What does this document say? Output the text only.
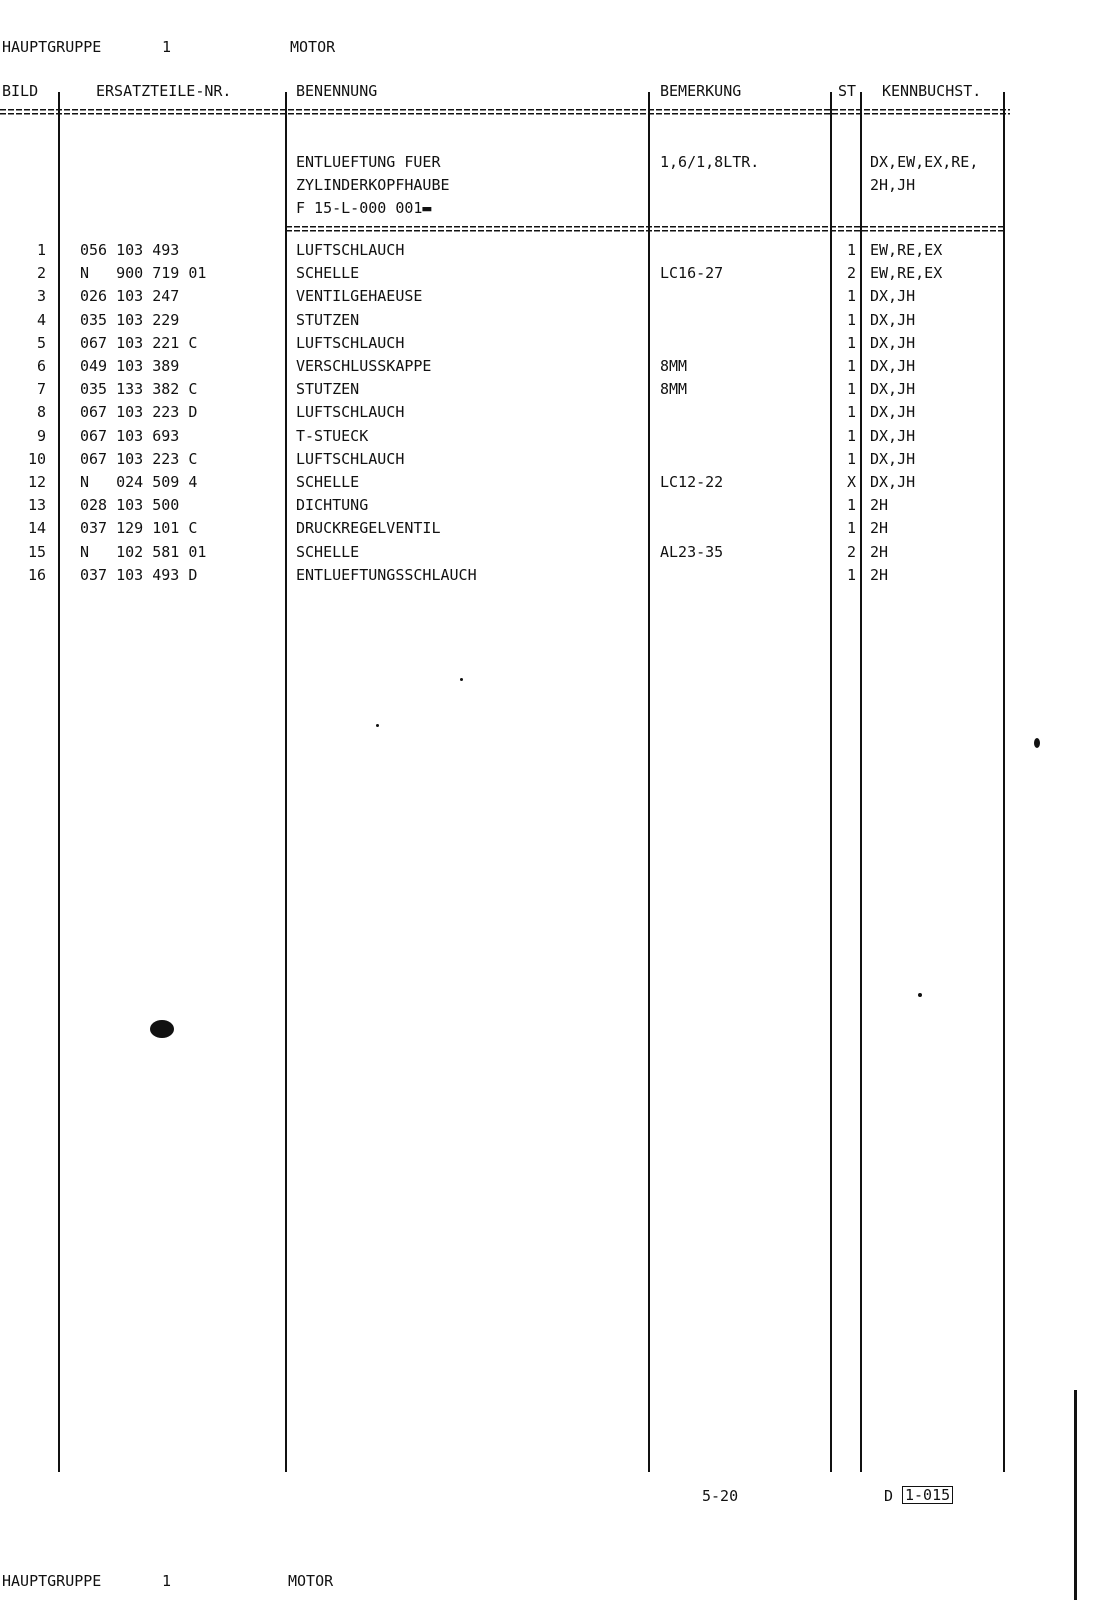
HAUPTGRUPPE	1	MOTOR
BILD	ERSATZTEILE-NR.	BENENNUNG	BEMERKUNG	ST KENNBUCHST.
ENTLUEFTUNG FUER
ZYLINDERKOPFHAUBE
F 15-L-000 001▬
1,6/1,8LTR.	DX,EW,EX,RE,
2H,JH
1 056 103 493	LUFTSCHLAUCH	1 EW,RE,EX
2 N   900 719 01	SCHELLE	LC16-27	2 EW,RE,EX
3 026 103 247	VENTILGEHAEUSE	1 DX,JH
4 035 103 229	STUTZEN	1 DX,JH
5 067 103 221 C	LUFTSCHLAUCH	1 DX,JH
6 049 103 389	VERSCHLUSSKAPPE	8MM	1 DX,JH
7 035 133 382 C	STUTZEN	8MM	1 DX,JH
8 067 103 223 D	LUFTSCHLAUCH	1 DX,JH
9 067 103 693	T-STUECK	1 DX,JH
10 067 103 223 C	LUFTSCHLAUCH	1 DX,JH
12 N   024 509 4	SCHELLE	LC12-22	X DX,JH
13 028 103 500	DICHTUNG	1 2H
14 037 129 101 C	DRUCKREGELVENTIL	1 2H
15 N   102 581 01	SCHELLE	AL23-35	2 2H
16 037 103 493 D	ENTLUEFTUNGSSCHLAUCH	1 2H
5-20	D 1-015
HAUPTGRUPPE	1	MOTOR
